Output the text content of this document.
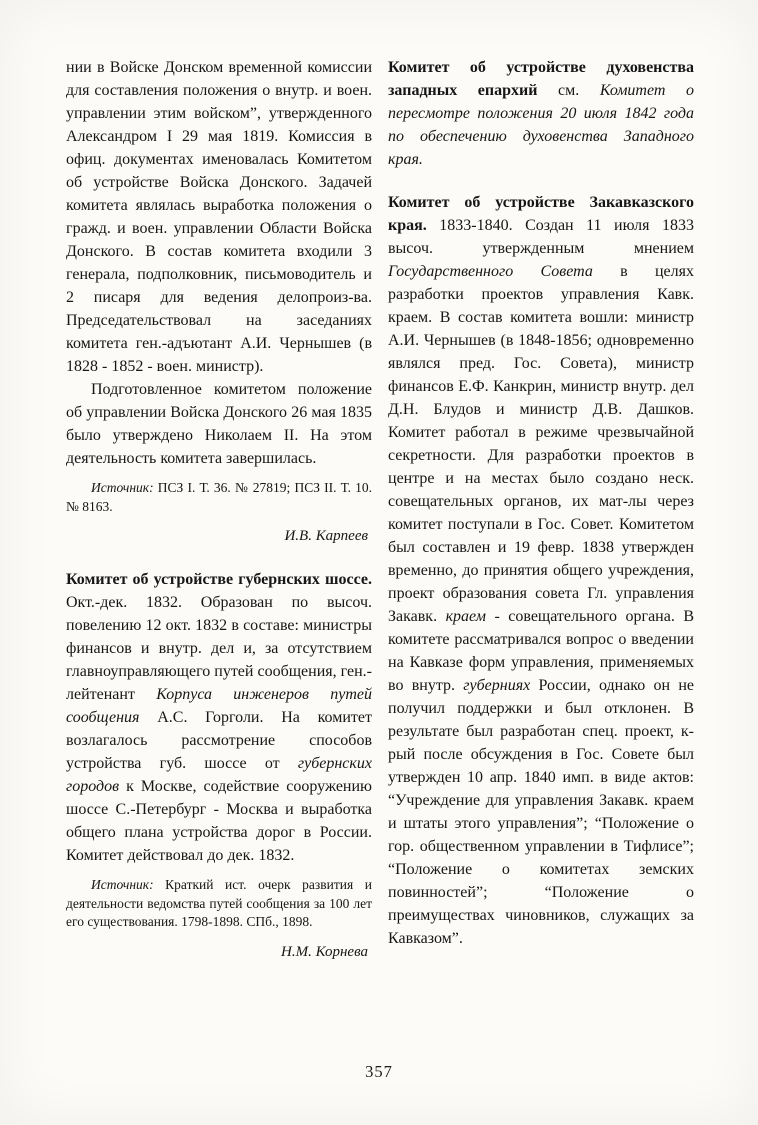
нии в Войске Донском временной комиссии для составления положения о внутр. и воен. управлении этим войском”, утвержденного Александром I 29 мая 1819. Комиссия в офиц. документах именовалась Комитетом об устройстве Войска Донского. Задачей комитета являлась выработка положения о гражд. и воен. управлении Области Войска Донского. В состав комитета входили 3 генерала, подполковник, письмоводитель и 2 писаря для ведения делопроиз-ва. Председательствовал на заседаниях комитета ген.-адъютант А.И. Чернышев (в 1828 - 1852 - воен. министр).
Подготовленное комитетом положение об управлении Войска Донского 26 мая 1835 было утверждено Николаем II. На этом деятельность комитета завершилась.
Источник: ПСЗ I. Т. 36. № 27819; ПСЗ II. Т. 10. № 8163.
И.В. Карпеев
Комитет об устройстве губернских шоссе. Окт.-дек. 1832. Образован по высоч. повелению 12 окт. 1832 в составе: министры финансов и внутр. дел и, за отсутствием главноуправляющего путей сообщения, ген.-лейтенант Корпуса инженеров путей сообщения А.С. Горголи. На комитет возлагалось рассмотрение способов устройства губ. шоссе от губернских городов к Москве, содействие сооружению шоссе С.-Петербург - Москва и выработка общего плана устройства дорог в России. Комитет действовал до дек. 1832.
Источник: Краткий ист. очерк развития и деятельности ведомства путей сообщения за 100 лет его существования. 1798-1898. СПб., 1898.
Н.М. Корнева
Комитет об устройстве духовенства западных епархий см. Комитет о пересмотре положения 20 июля 1842 года по обеспечению духовенства Западного края.
Комитет об устройстве Закавказского края. 1833-1840. Создан 11 июля 1833 высоч. утвержденным мнением Государственного Совета в целях разработки проектов управления Кавк. краем. В состав комитета вошли: министр А.И. Чернышев (в 1848-1856; одновременно являлся пред. Гос. Совета), министр финансов Е.Ф. Канкрин, министр внутр. дел Д.Н. Блудов и министр Д.В. Дашков. Комитет работал в режиме чрезвычайной секретности. Для разработки проектов в центре и на местах было создано неск. совещательных органов, их мат-лы через комитет поступали в Гос. Совет. Комитетом был составлен и 19 февр. 1838 утвержден временно, до принятия общего учреждения, проект образования совета Гл. управления Закавк. краем - совещательного органа. В комитете рассматривался вопрос о введении на Кавказе форм управления, применяемых во внутр. губерниях России, однако он не получил поддержки и был отклонен. В результате был разработан спец. проект, к-рый после обсуждения в Гос. Совете был утвержден 10 апр. 1840 имп. в виде актов: “Учреждение для управления Закавк. краем и штаты этого управления”; “Положение о гор. общественном управлении в Тифлисе”; “Положение о комитетах земских повинностей”; “Положение о преимуществах чиновников, служащих за Кавказом”.
357
